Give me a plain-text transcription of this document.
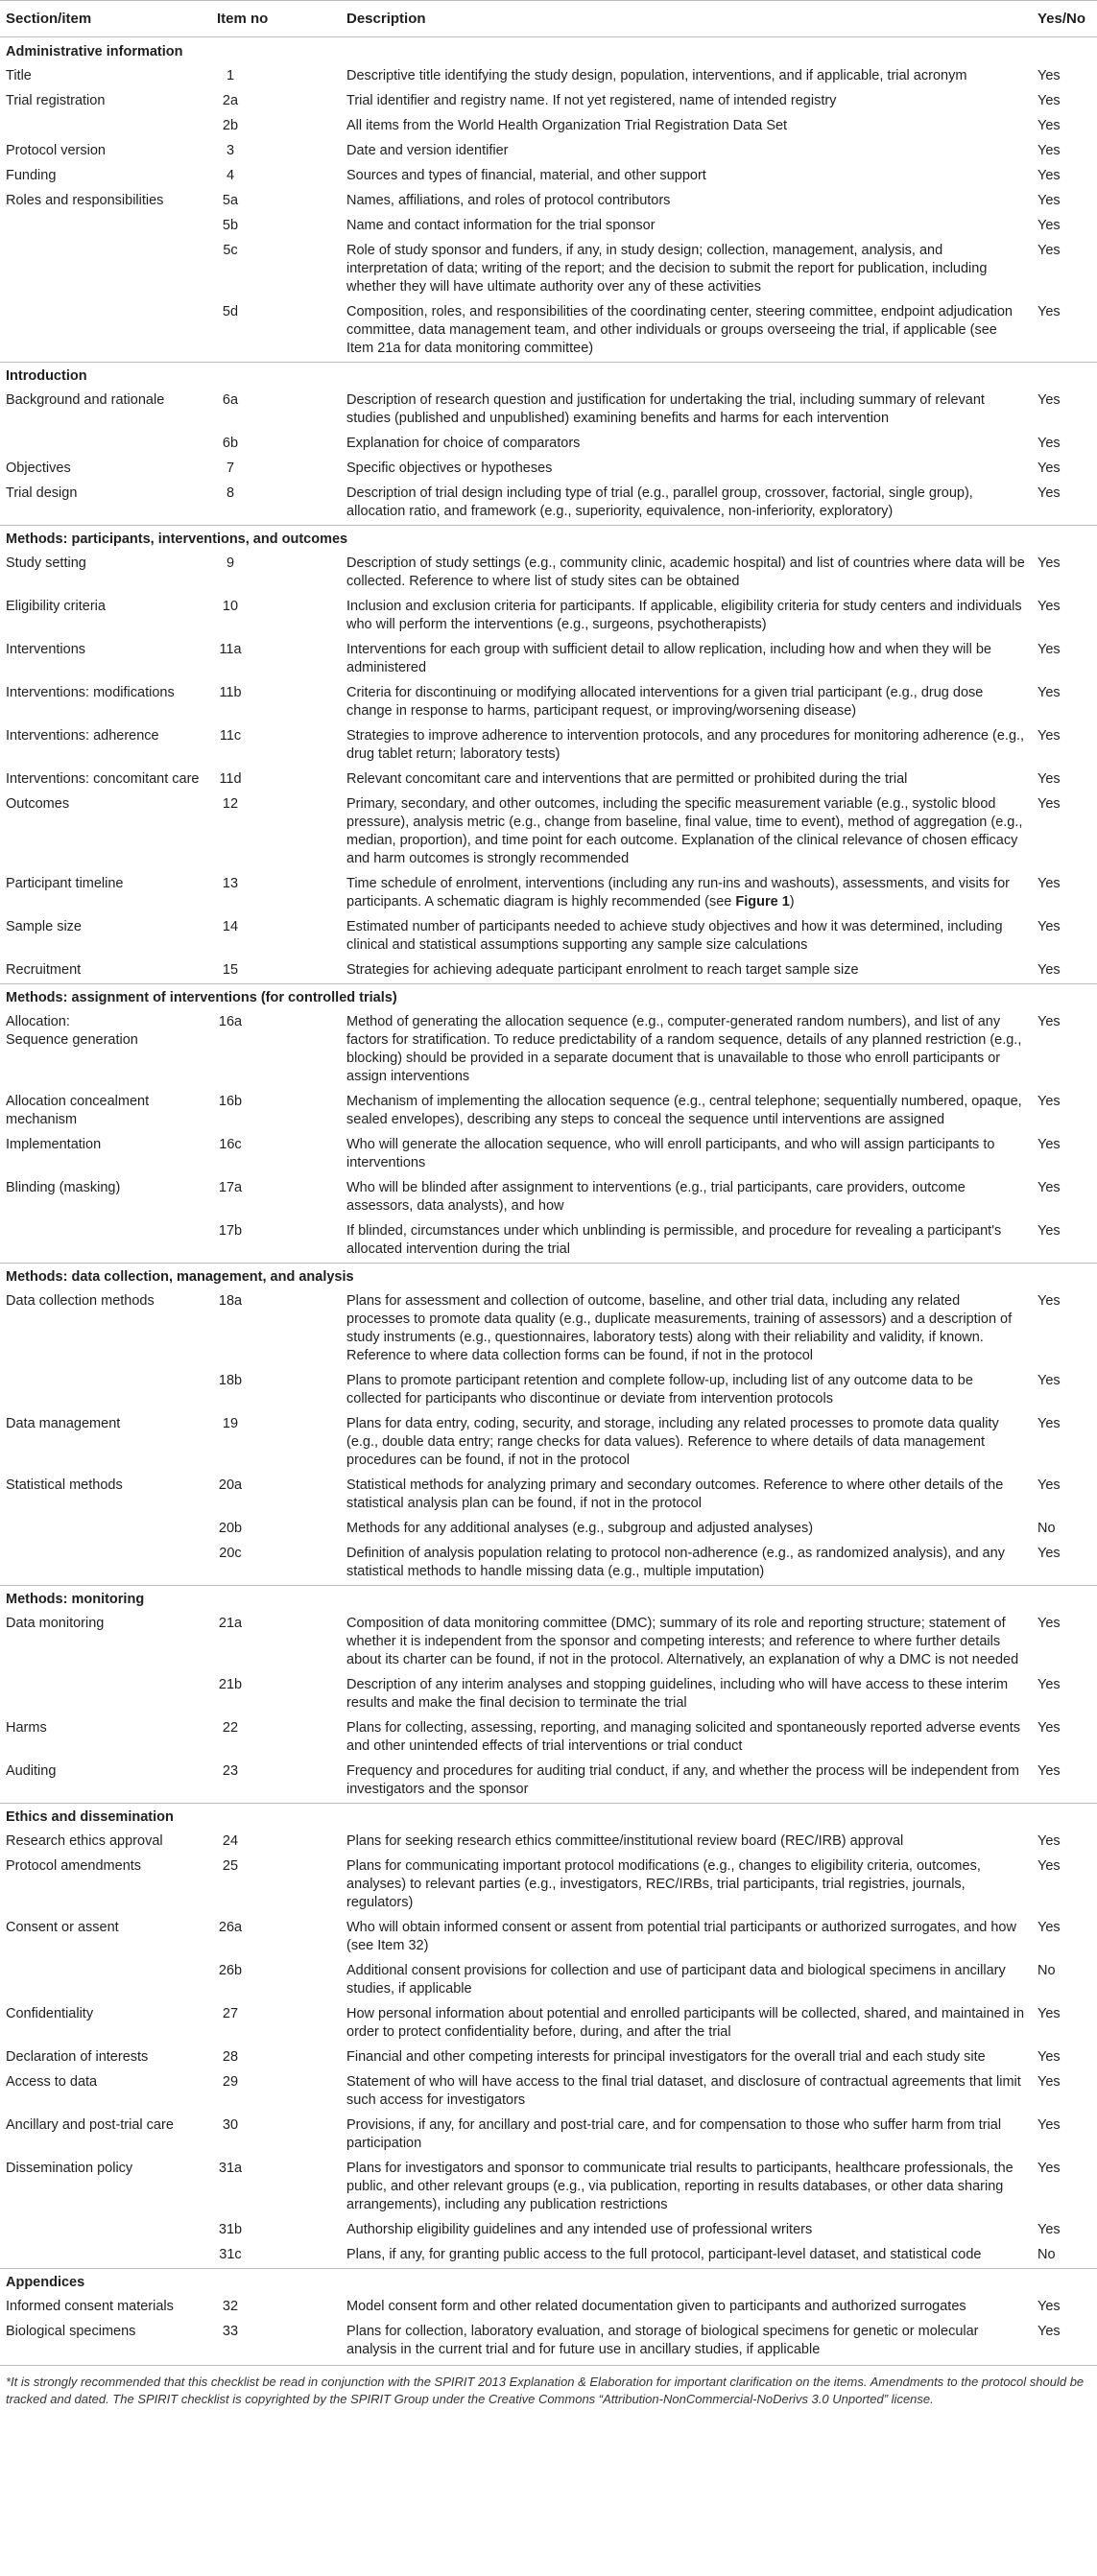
Section/item	Item no	Description	Yes/No
Administrative information			

Title	1	Descriptive title identifying the study design, population, interventions, and if applicable, trial acronym	Yes

Trial registration	2a	Trial identifier and registry name. If not yet registered, name of intended registry	Yes

	2b	All items from the World Health Organization Trial Registration Data Set	Yes

Protocol version	3	Date and version identifier	Yes

Funding	4	Sources and types of financial, material, and other support	Yes

Roles and responsibilities	5a	Names, affiliations, and roles of protocol contributors	Yes

	5b	Name and contact information for the trial sponsor	Yes

	5c	Role of study sponsor and funders, if any, in study design; collection, management, analysis, and interpretation of data; writing of the report; and the decision to submit the report for publication, including whether they will have ultimate authority over any of these activities	Yes

	5d	Composition, roles, and responsibilities of the coordinating center, steering committee, endpoint adjudication committee, data management team, and other individuals or groups overseeing the trial, if applicable (see Item 21a for data monitoring committee)	Yes
Introduction			

Background and rationale	6a	Description of research question and justification for undertaking the trial, including summary of relevant studies (published and unpublished) examining benefits and harms for each intervention	Yes

	6b	Explanation for choice of comparators	Yes

Objectives	7	Specific objectives or hypotheses	Yes

Trial design	8	Description of trial design including type of trial (e.g., parallel group, crossover, factorial, single group), allocation ratio, and framework (e.g., superiority, equivalence, non-inferiority, exploratory)	Yes
Methods: participants, interventions, and outcomes			

Study setting	9	Description of study settings (e.g., community clinic, academic hospital) and list of countries where data will be collected. Reference to where list of study sites can be obtained	Yes

Eligibility criteria	10	Inclusion and exclusion criteria for participants. If applicable, eligibility criteria for study centers and individuals who will perform the interventions (e.g., surgeons, psychotherapists)	Yes

Interventions	11a	Interventions for each group with sufficient detail to allow replication, including how and when they will be administered	Yes

Interventions: modifications	11b	Criteria for discontinuing or modifying allocated interventions for a given trial participant (e.g., drug dose change in response to harms, participant request, or improving/worsening disease)	Yes

Interventions: adherence	11c	Strategies to improve adherence to intervention protocols, and any procedures for monitoring adherence (e.g., drug tablet return; laboratory tests)	Yes

Interventions: concomitant care	11d	Relevant concomitant care and interventions that are permitted or prohibited during the trial	Yes

Outcomes	12	Primary, secondary, and other outcomes, including the specific measurement variable (e.g., systolic blood pressure), analysis metric (e.g., change from baseline, final value, time to event), method of aggregation (e.g., median, proportion), and time point for each outcome. Explanation of the clinical relevance of chosen efficacy and harm outcomes is strongly recommended	Yes

Participant timeline	13	Time schedule of enrolment, interventions (including any run-ins and washouts), assessments, and visits for participants. A schematic diagram is highly recommended (see Figure 1)	Yes

Sample size	14	Estimated number of participants needed to achieve study objectives and how it was determined, including clinical and statistical assumptions supporting any sample size calculations	Yes

Recruitment	15	Strategies for achieving adequate participant enrolment to reach target sample size	Yes
Methods: assignment of interventions (for controlled trials)			

Allocation:
Sequence generation	16a	Method of generating the allocation sequence (e.g., computer-generated random numbers), and list of any factors for stratification. To reduce predictability of a random sequence, details of any planned restriction (e.g., blocking) should be provided in a separate document that is unavailable to those who enroll participants or assign interventions	Yes

Allocation concealment
mechanism	16b	Mechanism of implementing the allocation sequence (e.g., central telephone; sequentially numbered, opaque, sealed envelopes), describing any steps to conceal the sequence until interventions are assigned	Yes

Implementation	16c	Who will generate the allocation sequence, who will enroll participants, and who will assign participants to interventions	Yes

Blinding (masking)	17a	Who will be blinded after assignment to interventions (e.g., trial participants, care providers, outcome assessors, data analysts), and how	Yes

	17b	If blinded, circumstances under which unblinding is permissible, and procedure for revealing a participant's allocated intervention during the trial	Yes
Methods: data collection, management, and analysis			

Data collection methods	18a	Plans for assessment and collection of outcome, baseline, and other trial data, including any related processes to promote data quality (e.g., duplicate measurements, training of assessors) and a description of study instruments (e.g., questionnaires, laboratory tests) along with their reliability and validity, if known. Reference to where data collection forms can be found, if not in the protocol	Yes

	18b	Plans to promote participant retention and complete follow-up, including list of any outcome data to be collected for participants who discontinue or deviate from intervention protocols	Yes

Data management	19	Plans for data entry, coding, security, and storage, including any related processes to promote data quality (e.g., double data entry; range checks for data values). Reference to where details of data management procedures can be found, if not in the protocol	Yes

Statistical methods	20a	Statistical methods for analyzing primary and secondary outcomes. Reference to where other details of the statistical analysis plan can be found, if not in the protocol	Yes

	20b	Methods for any additional analyses (e.g., subgroup and adjusted analyses)	No

	20c	Definition of analysis population relating to protocol non-adherence (e.g., as randomized analysis), and any statistical methods to handle missing data (e.g., multiple imputation)	Yes
Methods: monitoring			

Data monitoring	21a	Composition of data monitoring committee (DMC); summary of its role and reporting structure; statement of whether it is independent from the sponsor and competing interests; and reference to where further details about its charter can be found, if not in the protocol. Alternatively, an explanation of why a DMC is not needed	Yes

	21b	Description of any interim analyses and stopping guidelines, including who will have access to these interim results and make the final decision to terminate the trial	Yes

Harms	22	Plans for collecting, assessing, reporting, and managing solicited and spontaneously reported adverse events and other unintended effects of trial interventions or trial conduct	Yes

Auditing	23	Frequency and procedures for auditing trial conduct, if any, and whether the process will be independent from investigators and the sponsor	Yes
Ethics and dissemination			

Research ethics approval	24	Plans for seeking research ethics committee/institutional review board (REC/IRB) approval	Yes

Protocol amendments	25	Plans for communicating important protocol modifications (e.g., changes to eligibility criteria, outcomes, analyses) to relevant parties (e.g., investigators, REC/IRBs, trial participants, trial registries, journals, regulators)	Yes

Consent or assent	26a	Who will obtain informed consent or assent from potential trial participants or authorized surrogates, and how (see Item 32)	Yes

	26b	Additional consent provisions for collection and use of participant data and biological specimens in ancillary studies, if applicable	No

Confidentiality	27	How personal information about potential and enrolled participants will be collected, shared, and maintained in order to protect confidentiality before, during, and after the trial	Yes

Declaration of interests	28	Financial and other competing interests for principal investigators for the overall trial and each study site	Yes

Access to data	29	Statement of who will have access to the final trial dataset, and disclosure of contractual agreements that limit such access for investigators	Yes

Ancillary and post-trial care	30	Provisions, if any, for ancillary and post-trial care, and for compensation to those who suffer harm from trial participation	Yes

Dissemination policy	31a	Plans for investigators and sponsor to communicate trial results to participants, healthcare professionals, the public, and other relevant groups (e.g., via publication, reporting in results databases, or other data sharing arrangements), including any publication restrictions	Yes

	31b	Authorship eligibility guidelines and any intended use of professional writers	Yes

	31c	Plans, if any, for granting public access to the full protocol, participant-level dataset, and statistical code	No
Appendices			

Informed consent materials	32	Model consent form and other related documentation given to participants and authorized surrogates	Yes

Biological specimens	33	Plans for collection, laboratory evaluation, and storage of biological specimens for genetic or molecular analysis in the current trial and for future use in ancillary studies, if applicable	Yes
*It is strongly recommended that this checklist be read in conjunction with the SPIRIT 2013 Explanation & Elaboration for important clarification on the items. Amendments to the protocol should be tracked and dated. The SPIRIT checklist is copyrighted by the SPIRIT Group under the Creative Commons “Attribution-NonCommercial-NoDerivs 3.0 Unported” license.
